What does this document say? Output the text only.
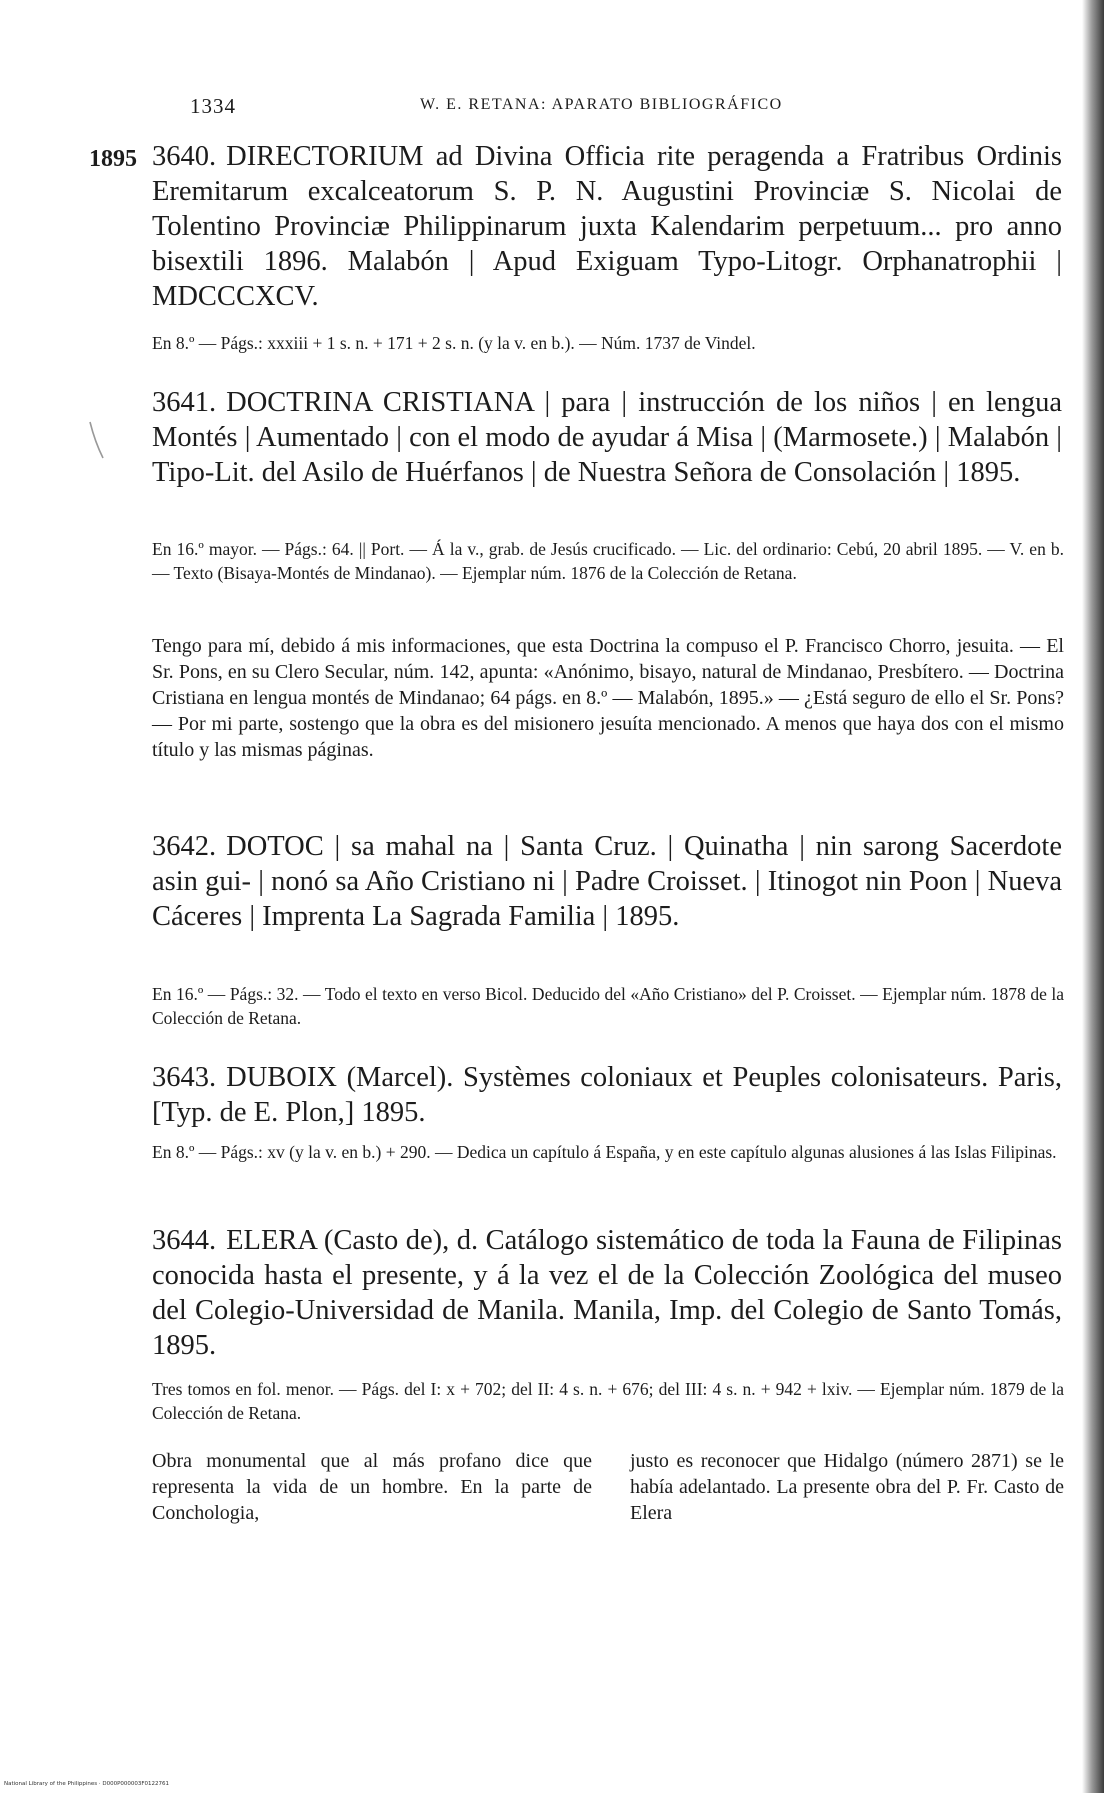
1334	W. E. RETANA: APARATO BIBLIOGRÁFICO
1895 3640. DIRECTORIUM ad Divina Officia rite peragenda a Fratribus Ordinis Eremitarum excalceatorum S. P. N. Augustini Provinciæ S. Nicolai de Tolentino Provinciæ Philippinarum juxta Kalendarim perpetuum... pro anno bisextili 1896. Malabón | Apud Exiguam Typo-Litogr. Orphanatrophii | MDCCCXCV.
En 8.º — Págs.: xxxiii + 1 s. n. + 171 + 2 s. n. (y la v. en b.). — Núm. 1737 de Vindel.
3641. DOCTRINA CRISTIANA | para | instrucción de los niños | en lengua Montés | Aumentado | con el modo de ayudar á Misa | (Marmosete.) | Malabón | Tipo-Lit. del Asilo de Huérfanos | de Nuestra Señora de Consolación | 1895.
En 16.º mayor. — Págs.: 64. || Port. — Á la v., grab. de Jesús crucificado. — Lic. del ordinario: Cebú, 20 abril 1895. — V. en b. — Texto (Bisaya-Montés de Mindanao). — Ejemplar núm. 1876 de la Colección de Retana.
Tengo para mí, debido á mis informaciones, que esta Doctrina la compuso el P. Francisco Chorro, jesuita. — El Sr. Pons, en su Clero Secular, núm. 142, apunta: «Anónimo, bisayo, natural de Mindanao, Presbítero. — Doctrina Cristiana en lengua montés de Mindanao; 64 págs. en 8.º — Malabón, 1895.» — ¿Está seguro de ello el Sr. Pons? — Por mi parte, sostengo que la obra es del misionero jesuíta mencionado. A menos que haya dos con el mismo título y las mismas páginas.
3642. DOTOC | sa mahal na | Santa Cruz. | Quinatha | nin sarong Sacerdote asin gui- | nonó sa Año Cristiano ni | Padre Croisset. | Itinogot nin Poon | Nueva Cáceres | Imprenta La Sagrada Familia | 1895.
En 16.º — Págs.: 32. — Todo el texto en verso Bicol. Deducido del «Año Cristiano» del P. Croisset. — Ejemplar núm. 1878 de la Colección de Retana.
3643. DUBOIX (Marcel). Systèmes coloniaux et Peuples colonisateurs. Paris, [Typ. de E. Plon,] 1895.
En 8.º — Págs.: xv (y la v. en b.) + 290. — Dedica un capítulo á España, y en este capítulo algunas alusiones á las Islas Filipinas.
3644. ELERA (Casto de), d. Catálogo sistemático de toda la Fauna de Filipinas conocida hasta el presente, y á la vez el de la Colección Zoológica del museo del Colegio-Universidad de Manila. Manila, Imp. del Colegio de Santo Tomás, 1895.
Tres tomos en fol. menor. — Págs. del I: x + 702; del II: 4 s. n. + 676; del III: 4 s. n. + 942 + lxiv. — Ejemplar núm. 1879 de la Colección de Retana.
Obra monumental que al más profano dice que representa la vida de un hombre. En la parte de Conchologia,
justo es reconocer que Hidalgo (número 2871) se le había adelantado. La presente obra del P. Fr. Casto de Elera
National Library of the Philippines · D000P000003F0122761
